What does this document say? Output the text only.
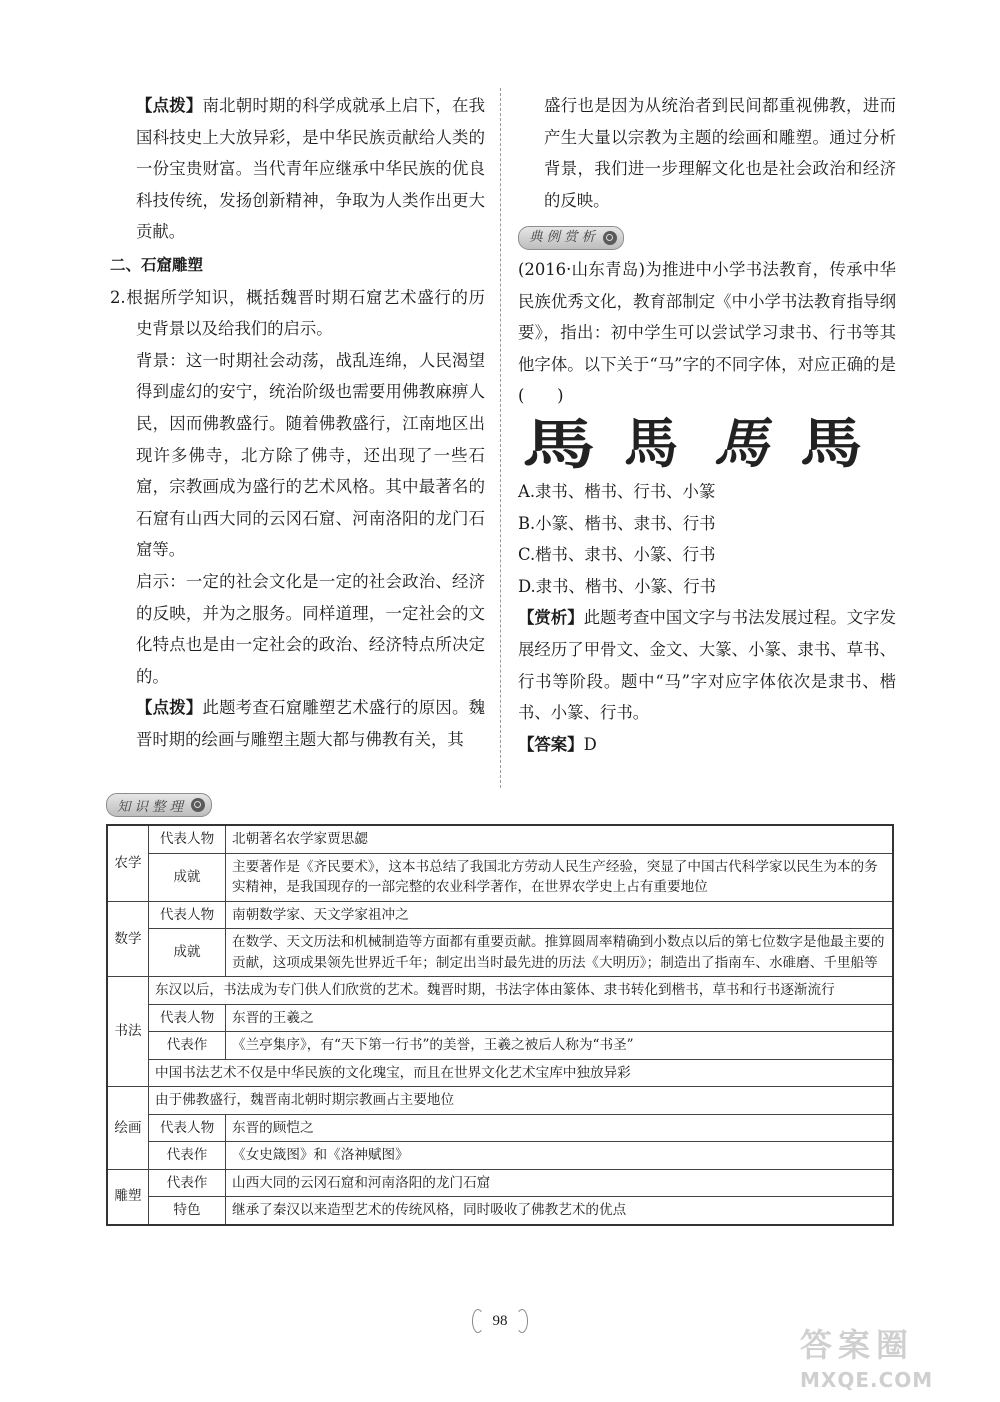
【点拨】南北朝时期的科学成就承上启下，在我国科技史上大放异彩，是中华民族贡献给人类的一份宝贵财富。当代青年应继承中华民族的优良科技传统，发扬创新精神，争取为人类作出更大贡献。

二、石窟雕塑

2.根据所学知识，概括魏晋时期石窟艺术盛行的历史背景以及给我们的启示。

背景：这一时期社会动荡，战乱连绵，人民渴望得到虚幻的安宁，统治阶级也需要用佛教麻痹人民，因而佛教盛行。随着佛教盛行，江南地区出现许多佛寺，北方除了佛寺，还出现了一些石窟，宗教画成为盛行的艺术风格。其中最著名的石窟有山西大同的云冈石窟、河南洛阳的龙门石窟等。

启示：一定的社会文化是一定的社会政治、经济的反映，并为之服务。同样道理，一定社会的文化特点也是由一定社会的政治、经济特点所决定的。

【点拨】此题考查石窟雕塑艺术盛行的原因。魏晋时期的绘画与雕塑主题大都与佛教有关，其

盛行也是因为从统治者到民间都重视佛教，进而产生大量以宗教为主题的绘画和雕塑。通过分析背景，我们进一步理解文化也是社会政治和经济的反映。

典例赏析

(2016·山东青岛)为推进中小学书法教育，传承中华民族优秀文化，教育部制定《中小学书法教育指导纲要》，指出：初中学生可以尝试学习隶书、行书等其他字体。以下关于“马”字的不同字体，对应正确的是(　　)

馬 馬 馬 馬

A.隶书、楷书、行书、小篆

B.小篆、楷书、隶书、行书

C.楷书、隶书、小篆、行书

D.隶书、楷书、小篆、行书

【赏析】此题考查中国文字与书法发展过程。文字发展经历了甲骨文、金文、大篆、小篆、隶书、草书、行书等阶段。题中“马”字对应字体依次是隶书、楷书、小篆、行书。

【答案】D

知识整理
农学	代表人物	北朝著名农学家贾思勰
	成就	主要著作是《齐民要术》，这本书总结了我国北方劳动人民生产经验，突显了中国古代科学家以民生为本的务实精神，是我国现存的一部完整的农业科学著作，在世界农学史上占有重要地位
数学	代表人物	南朝数学家、天文学家祖冲之
	成就	在数学、天文历法和机械制造等方面都有重要贡献。推算圆周率精确到小数点以后的第七位数字是他最主要的贡献，这项成果领先世界近千年；制定出当时最先进的历法《大明历》；制造出了指南车、水碓磨、千里船等
书法	东汉以后，书法成为专门供人们欣赏的艺术。魏晋时期，书法字体由篆体、隶书转化到楷书，草书和行书逐渐流行	
	代表人物	东晋的王羲之
	代表作	《兰亭集序》，有“天下第一行书”的美誉，王羲之被后人称为“书圣”
	中国书法艺术不仅是中华民族的文化瑰宝，而且在世界文化艺术宝库中独放异彩	
绘画	由于佛教盛行，魏晋南北朝时期宗教画占主要地位	
	代表人物	东晋的顾恺之
	代表作	《女史箴图》和《洛神赋图》
雕塑	代表作	山西大同的云冈石窟和河南洛阳的龙门石窟
	特色	继承了秦汉以来造型艺术的传统风格，同时吸收了佛教艺术的优点
98
答案圈
MXQE.COM
